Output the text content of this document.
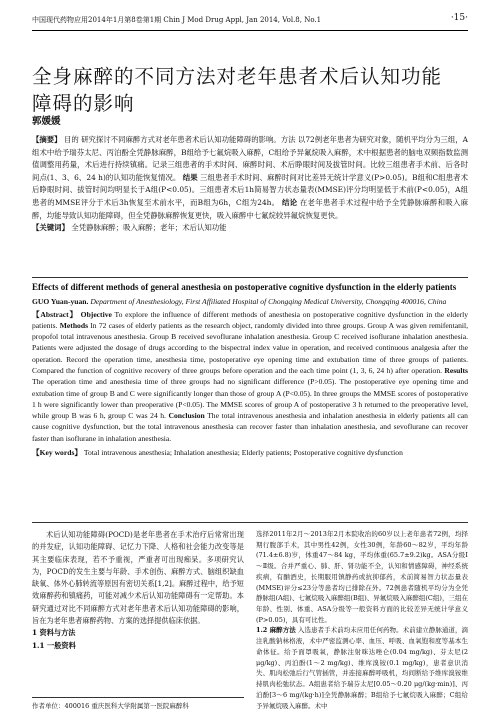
中国现代药物应用2014年1月第8卷第1期 Chin J Mod Drug Appl, Jan 2014, Vol.8, No.1	·15·
全身麻醉的不同方法对老年患者术后认知功能障碍的影响
郭媛媛

【摘要】 目的 研究探讨不同麻醉方式对老年患者术后认知功能障碍的影响。方法 以72例老年患者为研究对象，随机平均分为三组，A组术中给予瑞芬太尼、丙泊酚全凭静脉麻醉，B组给予七氟烷吸入麻醉，C组给予异氟烷吸入麻醉，术中根据患者的脑电双频指数监测值调整用药量，术后进行持续镇痛。记录三组患者的手术时间、麻醉时间、术后睁眼时间及拔管时间。比较三组患者手术前、后各时间点(1、3、6、24 h)的认知功能恢复情况。 结果 三组患者手术时间、麻醉时间对比差异无统计学意义(P>0.05)。B组和C组患者术后睁眼时间、拔管时间均明显长于A组(P<0.05)。三组患者术后1h简易智力状态量表(MMSE)评分均明显低于术前(P<0.05)，A组患者的MMSE评分于术后3h恢复至术前水平，而B组为6h，C组为24h。 结论 在老年患者手术过程中给予全凭静脉麻醉和吸入麻醉，均能导致认知功能障碍，但全凭静脉麻醉恢复更快，吸入麻醉中七氟烷较异氟烷恢复更快。

【关键词】 全凭静脉麻醉；吸入麻醉；老年；术后认知功能

Effects of different methods of general anesthesia on postoperative cognitive dysfunction in the elderly patients

GUO Yuan-yuan. Department of Anesthesiology, First Affiliated Hospital of Chongqing Medical University, Chongqing 400016, China

【Abstract】 Objective To explore the influence of different methods of anesthesia on postoperative cognitive dysfunction in the elderly patients. Methods In 72 cases of elderly patients as the research object, randomly divided into three groups. Group A was given remifentanil, propofol total intravenous anesthesia. Group B received sevoflurane inhalation anesthesia. Group C received isoflurane inhalation anesthesia. Patients were adjusted the dosage of drugs according to the bispectral index value in operation, and received continuous analgesia after the operation. Record the operation time, anesthesia time, postoperative eye opening time and extubation time of three groups of patients. Compared the function of cognitive recovery of three groups before operation and the each time point (1, 3, 6, 24 h) after operation. Results The operation time and anesthesia time of three groups had no significant difference (P>0.05). The postoperative eye opening time and extubation time of group B and C were significantly longer than those of group A (P<0.05). In three groups the MMSE scores of postoperative 1 h were significantly lower than preoperative (P<0.05). The MMSE scores of group A of postoperative 3 h returned to the preoperative level, while group B was 6 h, group C was 24 h. Conclusion The total intravenous anesthesia and inhalation anesthesia in elderly patients all can cause cognitive dysfunction, but the total intravenous anesthesia can recover faster than inhalation anesthesia, and sevoflurane can recover faster than isoflurane in inhalation anesthesia.

【Key words】 Total intravenous anesthesia; Inhalation anesthesia; Elderly patients; Postoperative cognitive dysfunction

术后认知功能障碍(POCD)是老年患者在手术治疗后常常出现的并发症，认知功能障碍、记忆力下降、人格和社会能力改变等是其主要临床表现，若不予重视，严重者可出现痴呆。多项研究认为，POCD的发生主要与年龄、手术创伤、麻醉方式、脑组织缺血缺氧、体外心肺转流等原因有密切关系[1,2]。麻醉过程中，给予短效麻醉药和镇痛药，可能对减少术后认知功能障碍有一定帮助。本研究通过对比不同麻醉方式对老年患者术后认知功能障碍的影响，旨在为老年患者麻醉药物、方案的选择提供临床依据。

1 资料与方法

1.1 一般资料

选择2011年2月～2013年2月本院收治的60岁以上老年患者72例，均择期行腹部手术，其中男性42例，女性30例，年龄60～82岁，平均年龄(71.4±6.8)岁，体重47～84 kg，平均体重(65.7±9.2)kg。ASA分级Ⅰ～Ⅱ级。合并严重心、肺、肝、肾功能不全，认知和情感障碍，神经系统疾病，有酗酒史，长期服用镇静药或抗抑郁药，术前简易智力状态量表(MMSE)评分≤23分等患者均已排除在外。72例患者随机平均分为全凭静脉组(A组)、七氟烷吸入麻醉组(B组)、异氟烷吸入麻醉组(C组)，三组在年龄、性别、体重、ASA分级等一般资料方面的比较差异无统计学意义(P>0.05)，具有可比性。

1.2 麻醉方法 入选患者手术前均未应用任何药物。术前建立静脉通道，滴注乳酸钠林格液，术中严密监测心率、血压、呼吸、血氧饱和度等基本生命体征。给予面罩吸氧，静脉注射咪达唑仑(0.04 mg/kg)、芬太尼(2 μg/kg)、丙泊酚(1～2 mg/kg)、维库溴铵(0.1 mg/kg)，患者意识消失、肌肉松弛后行气管插管，并连接麻醉呼吸机，均间断给予维库溴铵维持肌肉松弛状态。A组患者给予瑞芬太尼[0.05～0.20 μg/(kg·min)]、丙泊酚[3～6 mg/(kg·h)]全凭静脉麻醉；B组给予七氟烷吸入麻醉；C组给予异氟烷吸入麻醉。术中
作者单位：400016 重庆医科大学附属第一医院麻醉科
